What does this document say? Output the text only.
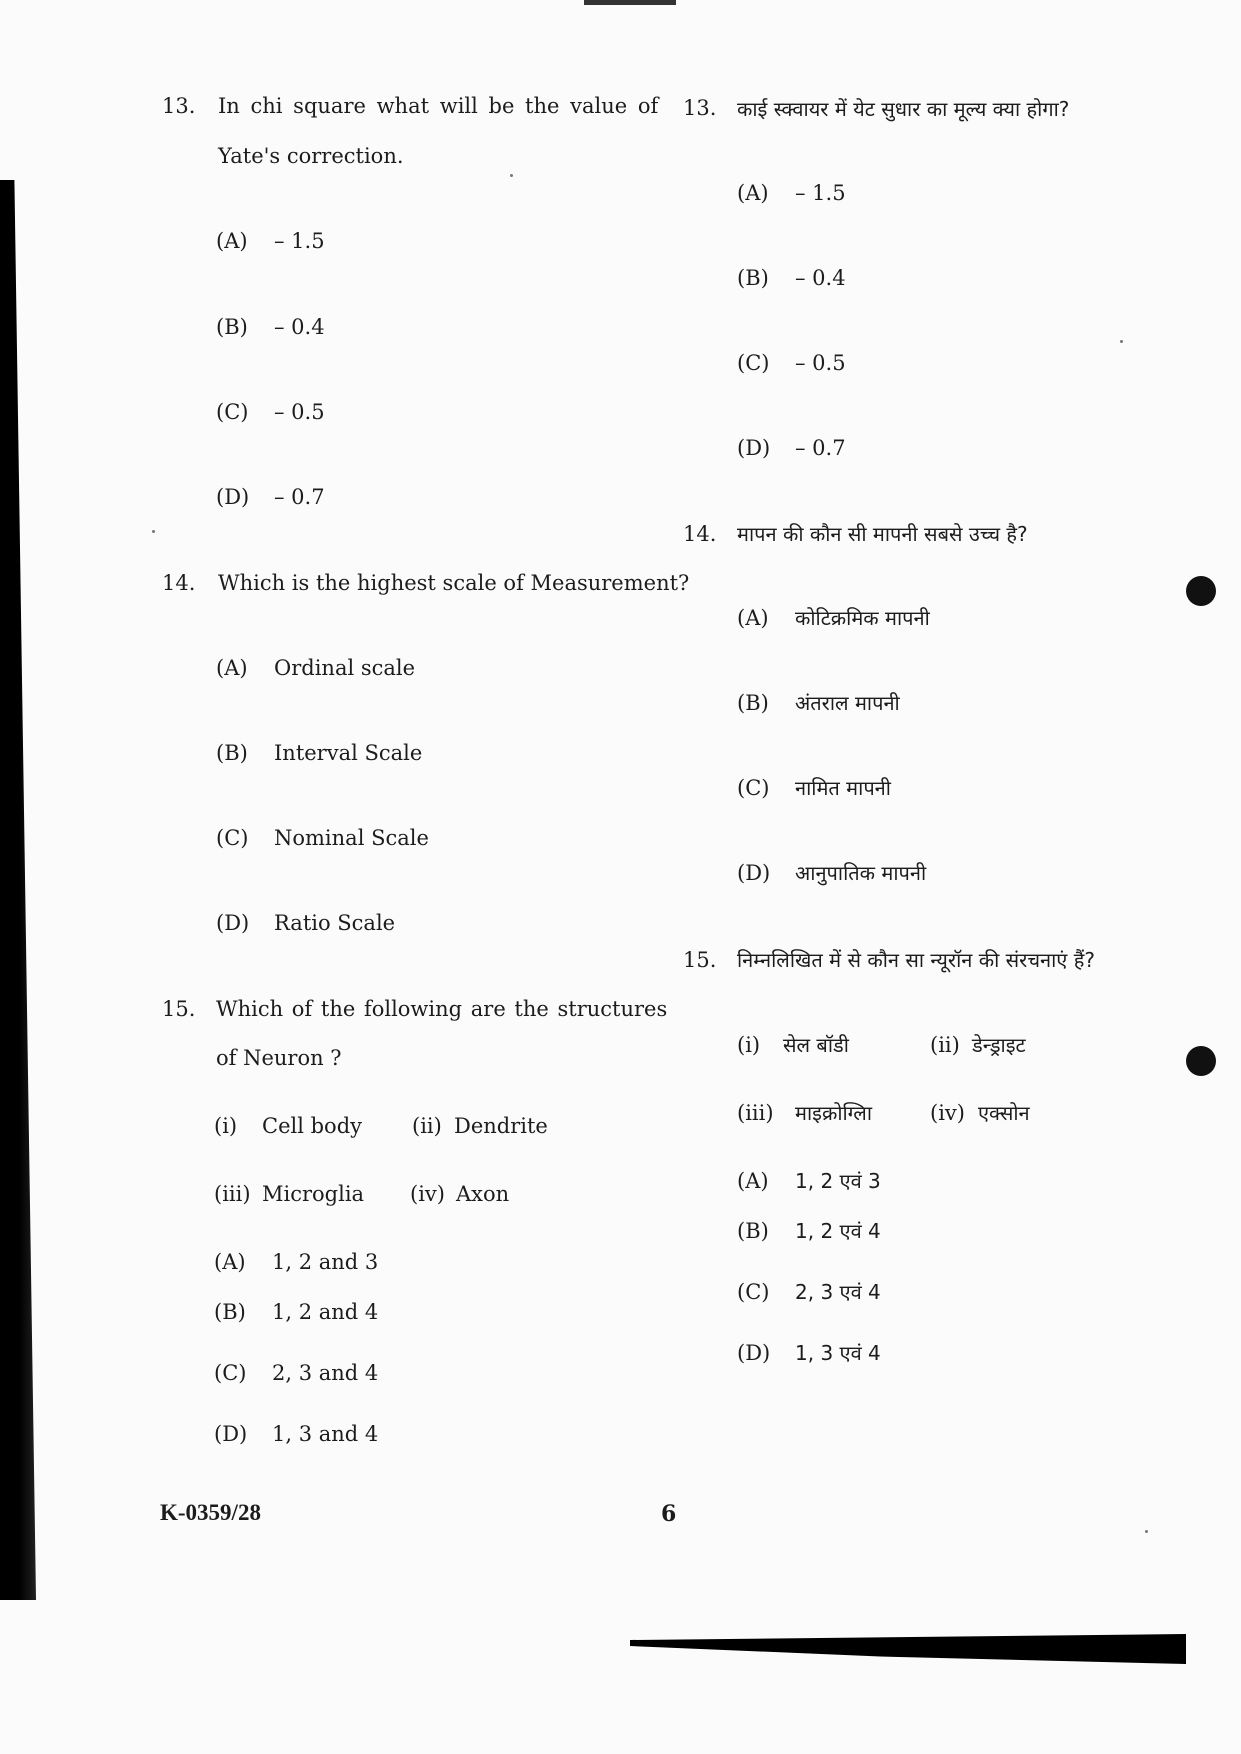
13. In chi square what will be the value of
Yate's correction.
(A) – 1.5
(B) – 0.4
(C) – 0.5
(D) – 0.7
14. Which is the highest scale of Measurement?
(A) Ordinal scale
(B) Interval Scale
(C) Nominal Scale
(D) Ratio Scale
15. Which of the following are the structures
of Neuron ?
(i) Cell body (ii) Dendrite
(iii) Microglia (iv) Axon
(A) 1, 2 and 3
(B) 1, 2 and 4
(C) 2, 3 and 4
(D) 1, 3 and 4
13. काई स्क्वायर में येट सुधार का मूल्य क्या होगा?
(A) – 1.5
(B) – 0.4
(C) – 0.5
(D) – 0.7
14. मापन की कौन सी मापनी सबसे उच्च है?
(A) कोटिक्रमिक मापनी
(B) अंतराल मापनी
(C) नामित मापनी
(D) आनुपातिक मापनी
15. निम्नलिखित में से कौन सा न्यूरॉन की संरचनाएं हैं?
(i) सेल बॉडी	(ii) डेन्ड्राइट
(iii) माइक्रोग्लिा	(iv) एक्सोन
(A) 1, 2 एवं 3
(B) 1, 2 एवं 4
(C) 2, 3 एवं 4
(D) 1, 3 एवं 4
K-0359/28	6
